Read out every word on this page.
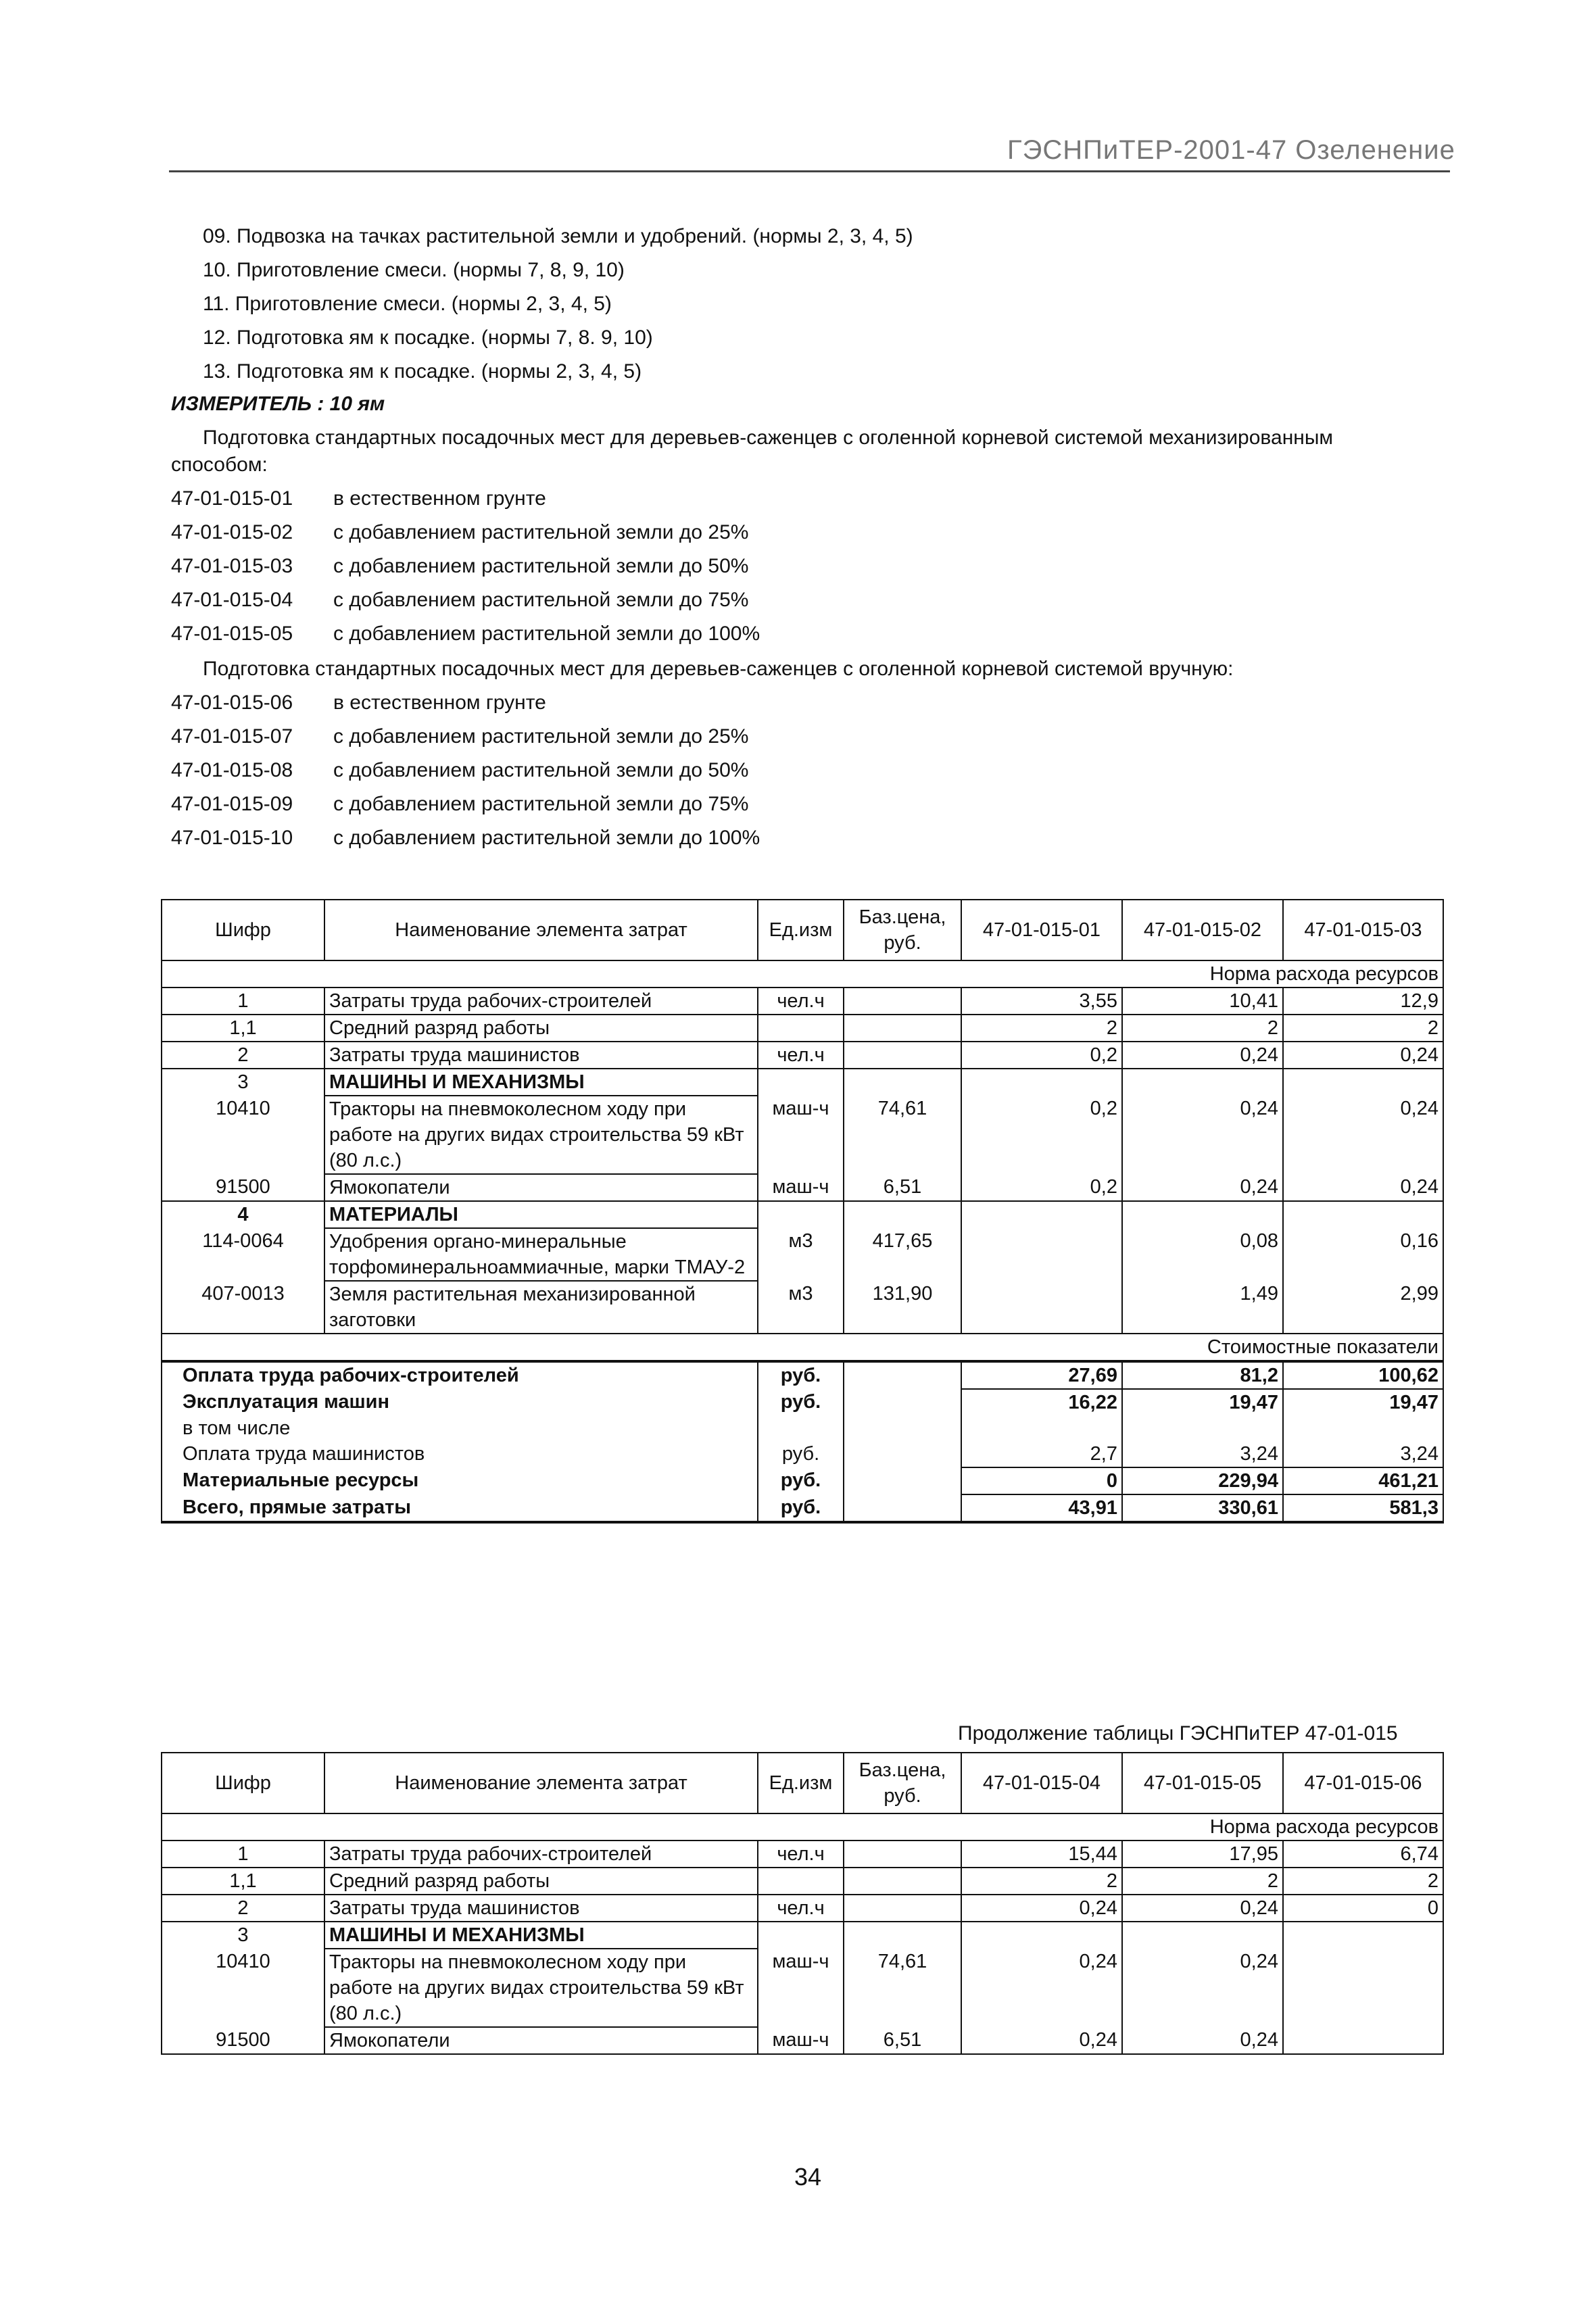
ГЭСНПиТЕР-2001-47 Озеленение
09. Подвозка на тачках растительной земли и удобрений. (нормы 2, 3, 4, 5)
10. Приготовление смеси. (нормы 7, 8, 9, 10)
11. Приготовление смеси. (нормы 2, 3, 4, 5)
12. Подготовка ям к посадке. (нормы 7, 8. 9, 10)
13. Подготовка ям к посадке. (нормы 2, 3, 4, 5)
ИЗМЕРИТЕЛЬ : 10 ям
Подготовка стандартных посадочных мест для деревьев-саженцев с оголенной корневой системой механизированным
способом:
47-01-015-01 в естественном грунте
47-01-015-02 с добавлением растительной земли до 25%
47-01-015-03 с добавлением растительной земли до 50%
47-01-015-04 с добавлением растительной земли до 75%
47-01-015-05 с добавлением растительной земли до 100%
Подготовка стандартных посадочных мест для деревьев-саженцев с оголенной корневой системой вручную:
47-01-015-06 в естественном грунте
47-01-015-07 с добавлением растительной земли до 25%
47-01-015-08 с добавлением растительной земли до 50%
47-01-015-09 с добавлением растительной земли до 75%
47-01-015-10 с добавлением растительной земли до 100%
Шифр	Наименование элемента затрат	Ед.изм	Баз.цена, руб.	47-01-015-01	47-01-015-02	47-01-015-03
Норма расхода ресурсов						
1	Затраты труда рабочих-строителей	чел.ч		3,55	10,41	12,9
1,1	Средний разряд работы			2	2	2
2	Затраты труда машинистов	чел.ч		0,2	0,24	0,24
3	МАШИНЫ И МЕХАНИЗМЫ					
10410	Тракторы на пневмоколесном ходу при работе на других видах строительства 59 кВт (80 л.с.)	маш-ч	74,61	0,2	0,24	0,24
91500	Ямокопатели	маш-ч	6,51	0,2	0,24	0,24
4	МАТЕРИАЛЫ					
114-0064	Удобрения органо-минеральные торфоминеральноаммиачные, марки ТМАУ-2	м3	417,65		0,08	0,16
407-0013	Земля растительная механизированной заготовки	м3	131,90		1,49	2,99
Стоимостные показатели						
Оплата труда рабочих-строителей		руб.		27,69	81,2	100,62
Эксплуатация машин		руб.		16,22	19,47	19,47
в том числе						
Оплата труда машинистов		руб.		2,7	3,24	3,24
Материальные ресурсы		руб.		0	229,94	461,21
Всего, прямые затраты		руб.		43,91	330,61	581,3
Продолжение таблицы ГЭСНПиТЕР 47-01-015
Шифр	Наименование элемента затрат	Ед.изм	Баз.цена, руб.	47-01-015-04	47-01-015-05	47-01-015-06
Норма расхода ресурсов						
1	Затраты труда рабочих-строителей	чел.ч		15,44	17,95	6,74
1,1	Средний разряд работы			2	2	2
2	Затраты труда машинистов	чел.ч		0,24	0,24	0
3	МАШИНЫ И МЕХАНИЗМЫ					
10410	Тракторы на пневмоколесном ходу при работе на других видах строительства 59 кВт (80 л.с.)	маш-ч	74,61	0,24	0,24	
91500	Ямокопатели	маш-ч	6,51	0,24	0,24	
34
